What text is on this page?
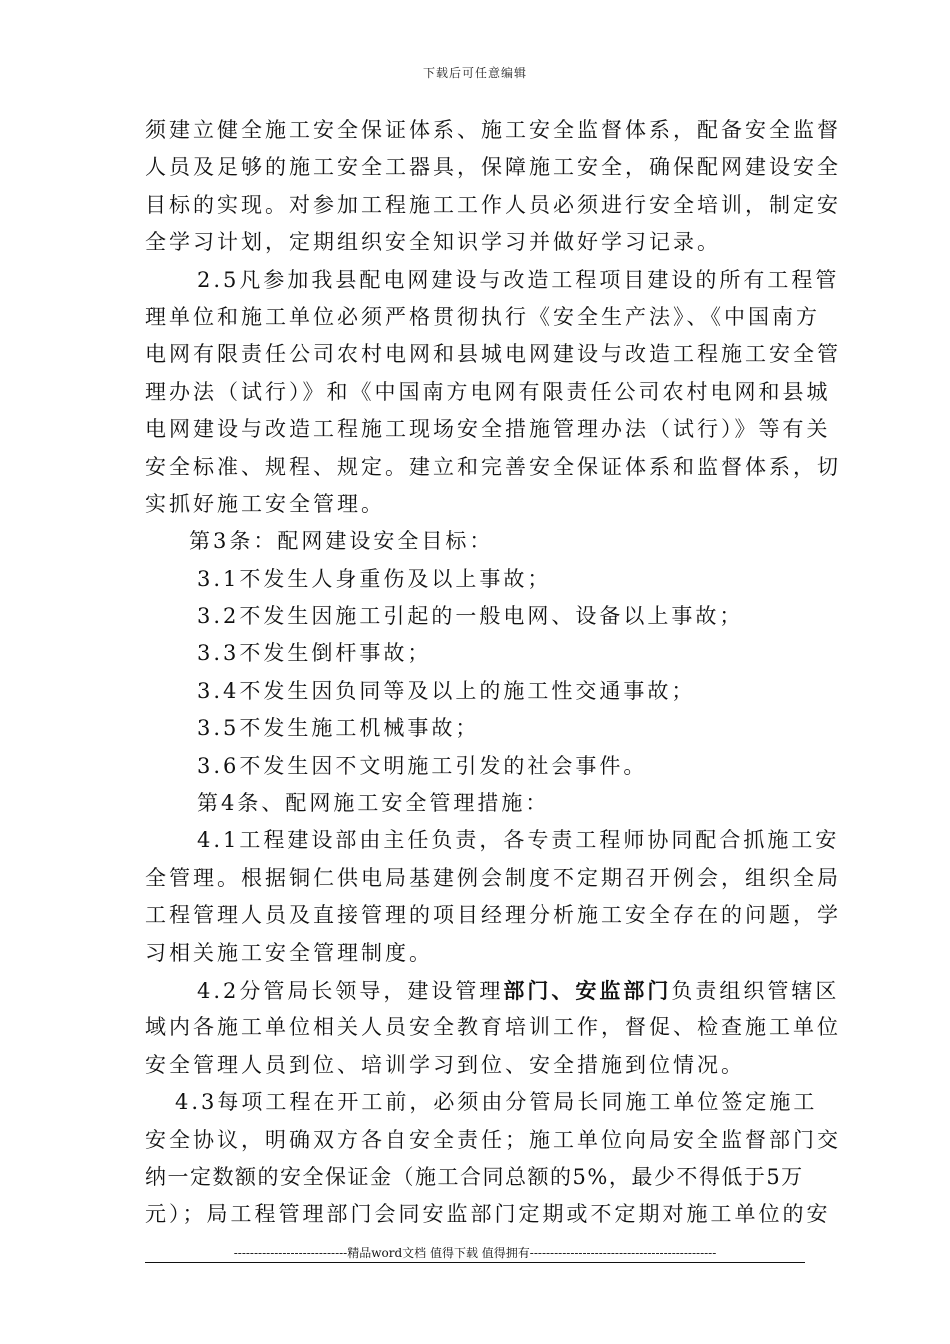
下载后可任意编辑
须建立健全施工安全保证体系、施工安全监督体系，配备安全监督
人员及足够的施工安全工器具，保障施工安全，确保配网建设安全
目标的实现。对参加工程施工工作人员必须进行安全培训，制定安
全学习计划，定期组织安全知识学习并做好学习记录。
2.5凡参加我县配电网建设与改造工程项目建设的所有工程管
理单位和施工单位必须严格贯彻执行《安全生产法》、《中国南方
电网有限责任公司农村电网和县城电网建设与改造工程施工安全管
理办法（试行）》和《中国南方电网有限责任公司农村电网和县城
电网建设与改造工程施工现场安全措施管理办法（试行）》等有关
安全标准、规程、规定。建立和完善安全保证体系和监督体系，切
实抓好施工安全管理。
第3条：配网建设安全目标：
3.1不发生人身重伤及以上事故；
3.2不发生因施工引起的一般电网、设备以上事故；
3.3不发生倒杆事故；
3.4不发生因负同等及以上的施工性交通事故；
3.5不发生施工机械事故；
3.6不发生因不文明施工引发的社会事件。
第4条、配网施工安全管理措施：
4.1工程建设部由主任负责，各专责工程师协同配合抓施工安
全管理。根据铜仁供电局基建例会制度不定期召开例会，组织全局
工程管理人员及直接管理的项目经理分析施工安全存在的问题，学
习相关施工安全管理制度。
4.2分管局长领导，建设管理部门、安监部门负责组织管辖区
域内各施工单位相关人员安全教育培训工作，督促、检查施工单位
安全管理人员到位、培训学习到位、安全措施到位情况。
4.3每项工程在开工前，必须由分管局长同施工单位签定施工
安全协议，明确双方各自安全责任；施工单位向局安全监督部门交
纳一定数额的安全保证金（施工合同总额的5%，最少不得低于5万
元）；局工程管理部门会同安监部门定期或不定期对施工单位的安
----------------------------精品word文档 值得下载 值得拥有----------------------------------------------
